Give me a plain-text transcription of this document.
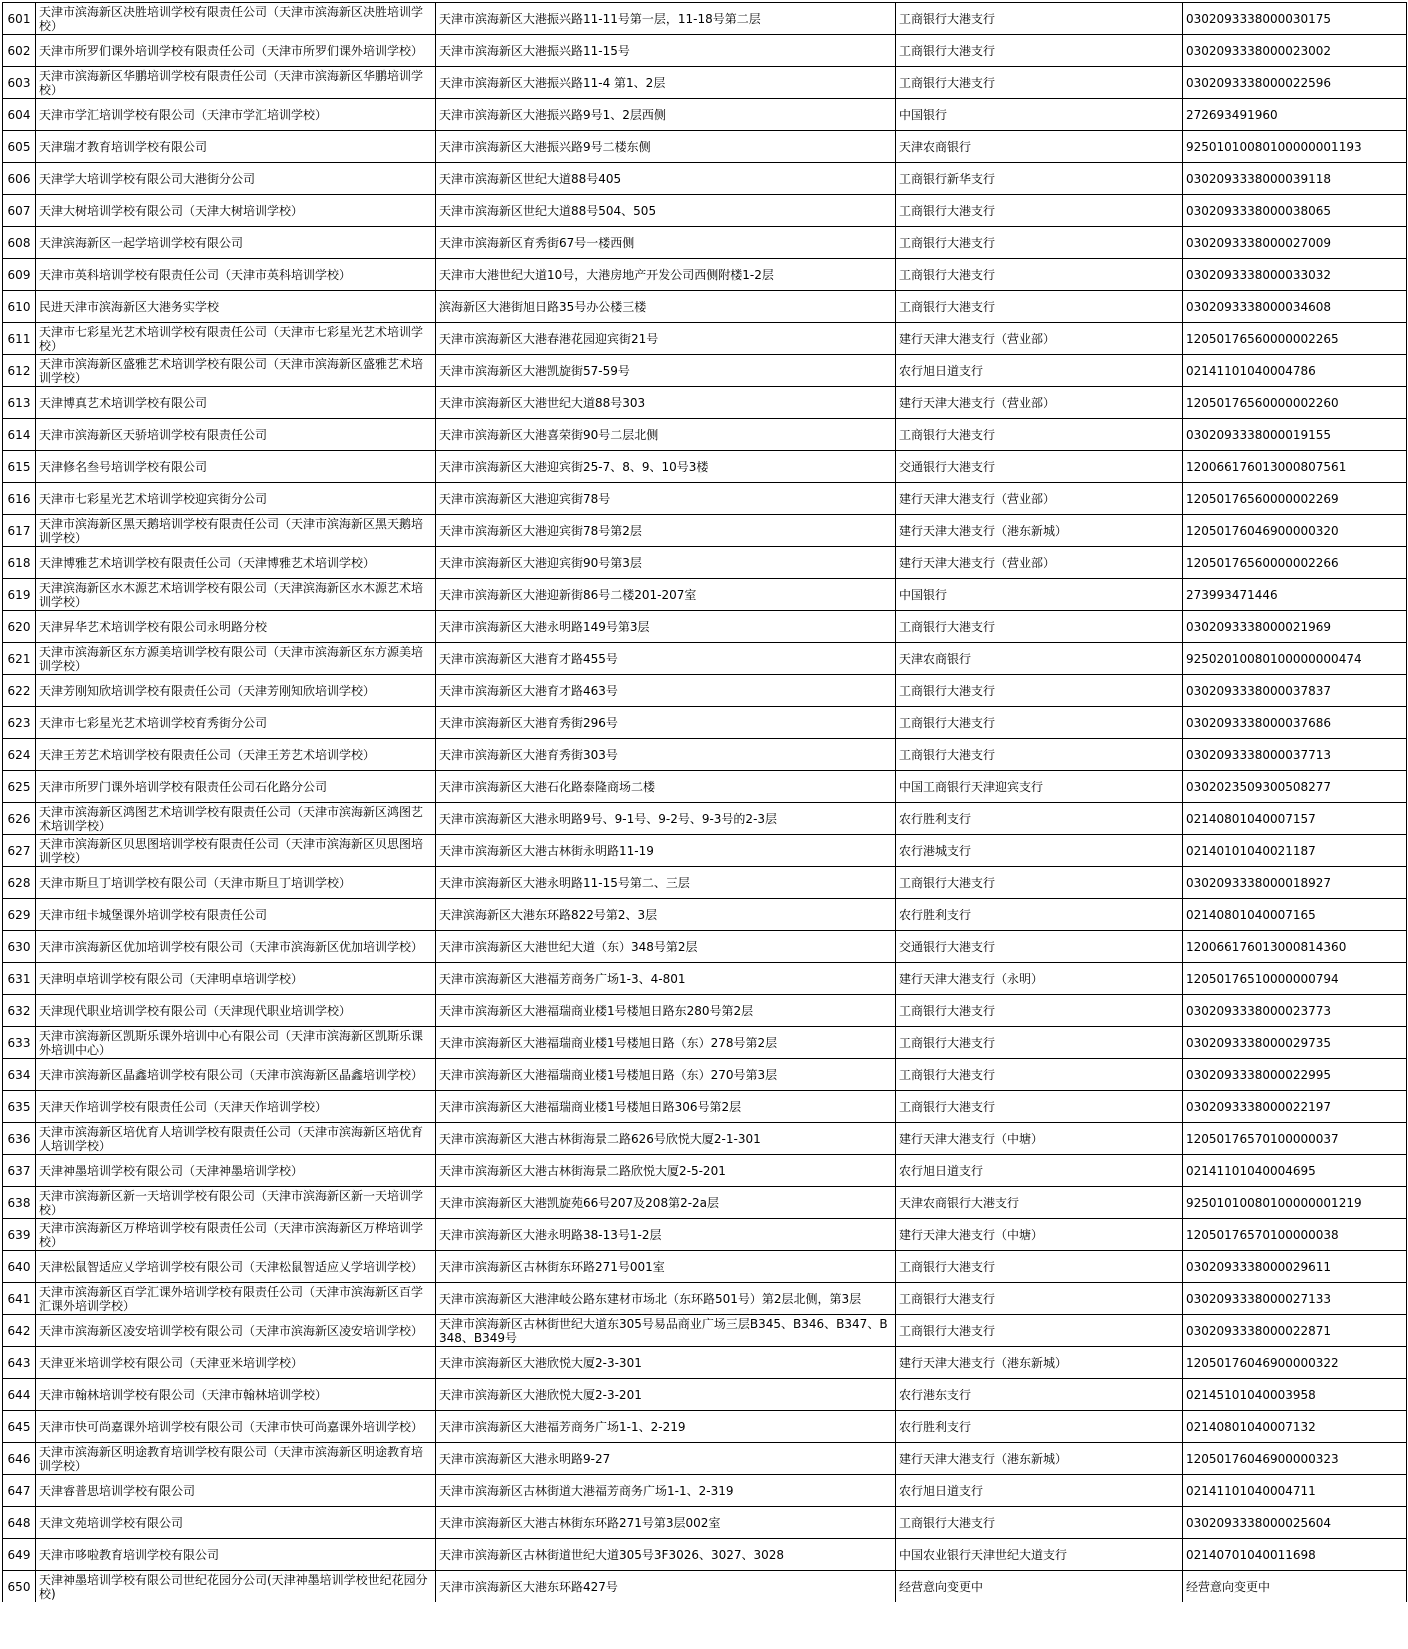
601	天津市滨海新区决胜培训学校有限责任公司（天津市滨海新区决胜培训学校）	天津市滨海新区大港振兴路11-11号第一层，11-18号第二层	工商银行大港支行	0302093338000030175
602	天津市所罗们课外培训学校有限责任公司（天津市所罗们课外培训学校）	天津市滨海新区大港振兴路11-15号	工商银行大港支行	0302093338000023002
603	天津市滨海新区华鹏培训学校有限责任公司（天津市滨海新区华鹏培训学校）	天津市滨海新区大港振兴路11-4 第1、2层	工商银行大港支行	0302093338000022596
604	天津市学汇培训学校有限公司（天津市学汇培训学校）	天津市滨海新区大港振兴路9号1、2层西侧	中国银行	272693491960
605	天津瑞才教育培训学校有限公司	天津市滨海新区大港振兴路9号二楼东侧	天津农商银行	92501010080100000001193
606	天津学大培训学校有限公司大港街分公司	天津市滨海新区世纪大道88号405	工商银行新华支行	0302093338000039118
607	天津大树培训学校有限公司（天津大树培训学校）	天津市滨海新区世纪大道88号504、505	工商银行大港支行	0302093338000038065
608	天津滨海新区一起学培训学校有限公司	天津市滨海新区育秀街67号一楼西侧	工商银行大港支行	0302093338000027009
609	天津市英科培训学校有限责任公司（天津市英科培训学校）	天津市大港世纪大道10号，大港房地产开发公司西侧附楼1-2层	工商银行大港支行	0302093338000033032
610	民进天津市滨海新区大港务实学校	滨海新区大港街旭日路35号办公楼三楼	工商银行大港支行	0302093338000034608
611	天津市七彩星光艺术培训学校有限责任公司（天津市七彩星光艺术培训学校）	天津市滨海新区大港春港花园迎宾街21号	建行天津大港支行（营业部）	12050176560000002265
612	天津市滨海新区盛雅艺术培训学校有限公司（天津市滨海新区盛雅艺术培训学校）	天津市滨海新区大港凯旋街57-59号	农行旭日道支行	02141101040004786
613	天津博真艺术培训学校有限公司	天津市滨海新区大港世纪大道88号303	建行天津大港支行（营业部）	12050176560000002260
614	天津市滨海新区天骄培训学校有限责任公司	天津市滨海新区大港喜荣街90号二层北侧	工商银行大港支行	0302093338000019155
615	天津修名叁号培训学校有限公司	天津市滨海新区大港迎宾街25-7、8、9、10号3楼	交通银行大港支行	120066176013000807561
616	天津市七彩星光艺术培训学校迎宾街分公司	天津市滨海新区大港迎宾街78号	建行天津大港支行（营业部）	12050176560000002269
617	天津市滨海新区黑天鹅培训学校有限责任公司（天津市滨海新区黑天鹅培训学校）	天津市滨海新区大港迎宾街78号第2层	建行天津大港支行（港东新城）	12050176046900000320
618	天津博雅艺术培训学校有限责任公司（天津博雅艺术培训学校）	天津市滨海新区大港迎宾街90号第3层	建行天津大港支行（营业部）	12050176560000002266
619	天津滨海新区水木源艺术培训学校有限公司（天津滨海新区水木源艺术培训学校）	天津市滨海新区大港迎新街86号二楼201-207室	中国银行	273993471446
620	天津昇华艺术培训学校有限公司永明路分校	天津市滨海新区大港永明路149号第3层	工商银行大港支行	0302093338000021969
621	天津市滨海新区东方源美培训学校有限公司（天津市滨海新区东方源美培训学校）	天津市滨海新区大港育才路455号	天津农商银行	92502010080100000000474
622	天津芳刚知欣培训学校有限责任公司（天津芳刚知欣培训学校）	天津市滨海新区大港育才路463号	工商银行大港支行	0302093338000037837
623	天津市七彩星光艺术培训学校育秀街分公司	天津市滨海新区大港育秀街296号	工商银行大港支行	0302093338000037686
624	天津王芳艺术培训学校有限责任公司（天津王芳艺术培训学校）	天津市滨海新区大港育秀街303号	工商银行大港支行	0302093338000037713
625	天津市所罗门课外培训学校有限责任公司石化路分公司	天津市滨海新区大港石化路泰隆商场二楼	中国工商银行天津迎宾支行	0302023509300508277
626	天津市滨海新区鸿图艺术培训学校有限责任公司（天津市滨海新区鸿图艺术培训学校）	天津市滨海新区大港永明路9号、9-1号、9-2号、9-3号的2-3层	农行胜利支行	02140801040007157
627	天津市滨海新区贝思图培训学校有限责任公司（天津市滨海新区贝思图培训学校）	天津市滨海新区大港古林街永明路11-19	农行港城支行	02140101040021187
628	天津市斯旦丁培训学校有限公司（天津市斯旦丁培训学校）	天津市滨海新区大港永明路11-15号第二、三层	工商银行大港支行	0302093338000018927
629	天津市纽卡城堡课外培训学校有限责任公司	天津滨海新区大港东环路822号第2、3层	农行胜利支行	02140801040007165
630	天津市滨海新区优加培训学校有限公司（天津市滨海新区优加培训学校）	天津市滨海新区大港世纪大道（东）348号第2层	交通银行大港支行	120066176013000814360
631	天津明卓培训学校有限公司（天津明卓培训学校）	天津市滨海新区大港福芳商务广场1-3、4-801	建行天津大港支行（永明）	12050176510000000794
632	天津现代职业培训学校有限公司（天津现代职业培训学校）	天津市滨海新区大港福瑞商业楼1号楼旭日路东280号第2层	工商银行大港支行	0302093338000023773
633	天津市滨海新区凯斯乐课外培训中心有限公司（天津市滨海新区凯斯乐课外培训中心）	天津市滨海新区大港福瑞商业楼1号楼旭日路（东）278号第2层	工商银行大港支行	0302093338000029735
634	天津市滨海新区晶鑫培训学校有限公司（天津市滨海新区晶鑫培训学校）	天津市滨海新区大港福瑞商业楼1号楼旭日路（东）270号第3层	工商银行大港支行	0302093338000022995
635	天津天作培训学校有限责任公司（天津天作培训学校）	天津市滨海新区大港福瑞商业楼1号楼旭日路306号第2层	工商银行大港支行	0302093338000022197
636	天津市滨海新区培优育人培训学校有限责任公司（天津市滨海新区培优育人培训学校）	天津市滨海新区大港古林街海景二路626号欣悦大厦2-1-301	建行天津大港支行（中塘）	12050176570100000037
637	天津神墨培训学校有限公司（天津神墨培训学校）	天津市滨海新区大港古林街海景二路欣悦大厦2-5-201	农行旭日道支行	02141101040004695
638	天津市滨海新区新一天培训学校有限公司（天津市滨海新区新一天培训学校）	天津市滨海新区大港凯旋苑66号207及208第2-2a层	天津农商银行大港支行	92501010080100000001219
639	天津市滨海新区万桦培训学校有限责任公司（天津市滨海新区万桦培训学校）	天津市滨海新区大港永明路38-13号1-2层	建行天津大港支行（中塘）	12050176570100000038
640	天津松鼠智适应乂学培训学校有限公司（天津松鼠智适应乂学培训学校）	天津市滨海新区古林街东环路271号001室	工商银行大港支行	0302093338000029611
641	天津市滨海新区百学汇课外培训学校有限责任公司（天津市滨海新区百学汇课外培训学校）	天津市滨海新区大港津岐公路东建材市场北（东环路501号）第2层北侧，第3层	工商银行大港支行	0302093338000027133
642	天津市滨海新区凌安培训学校有限公司（天津市滨海新区凌安培训学校）	天津市滨海新区古林街世纪大道东305号易品商业广场三层B345、B346、B347、B348、B349号	工商银行大港支行	0302093338000022871
643	天津亚米培训学校有限公司（天津亚米培训学校）	天津市滨海新区大港欣悦大厦2-3-301	建行天津大港支行（港东新城）	12050176046900000322
644	天津市翰林培训学校有限公司（天津市翰林培训学校）	天津市滨海新区大港欣悦大厦2-3-201	农行港东支行	02145101040003958
645	天津市快可尚嘉课外培训学校有限公司（天津市快可尚嘉课外培训学校）	天津市滨海新区大港福芳商务广场1-1、2-219	农行胜利支行	02140801040007132
646	天津市滨海新区明途教育培训学校有限公司（天津市滨海新区明途教育培训学校）	天津市滨海新区大港永明路9-27	建行天津大港支行（港东新城）	12050176046900000323
647	天津睿普思培训学校有限公司	天津市滨海新区古林街道大港福芳商务广场1-1、2-319	农行旭日道支行	02141101040004711
648	天津文苑培训学校有限公司	天津市滨海新区大港古林街东环路271号第3层002室	工商银行大港支行	0302093338000025604
649	天津市哆啦教育培训学校有限公司	天津市滨海新区古林街道世纪大道305号3F3026、3027、3028	中国农业银行天津世纪大道支行	02140701040011698
650	天津神墨培训学校有限公司世纪花园分公司(天津神墨培训学校世纪花园分校)	天津市滨海新区大港东环路427号	经营意向变更中	经营意向变更中
